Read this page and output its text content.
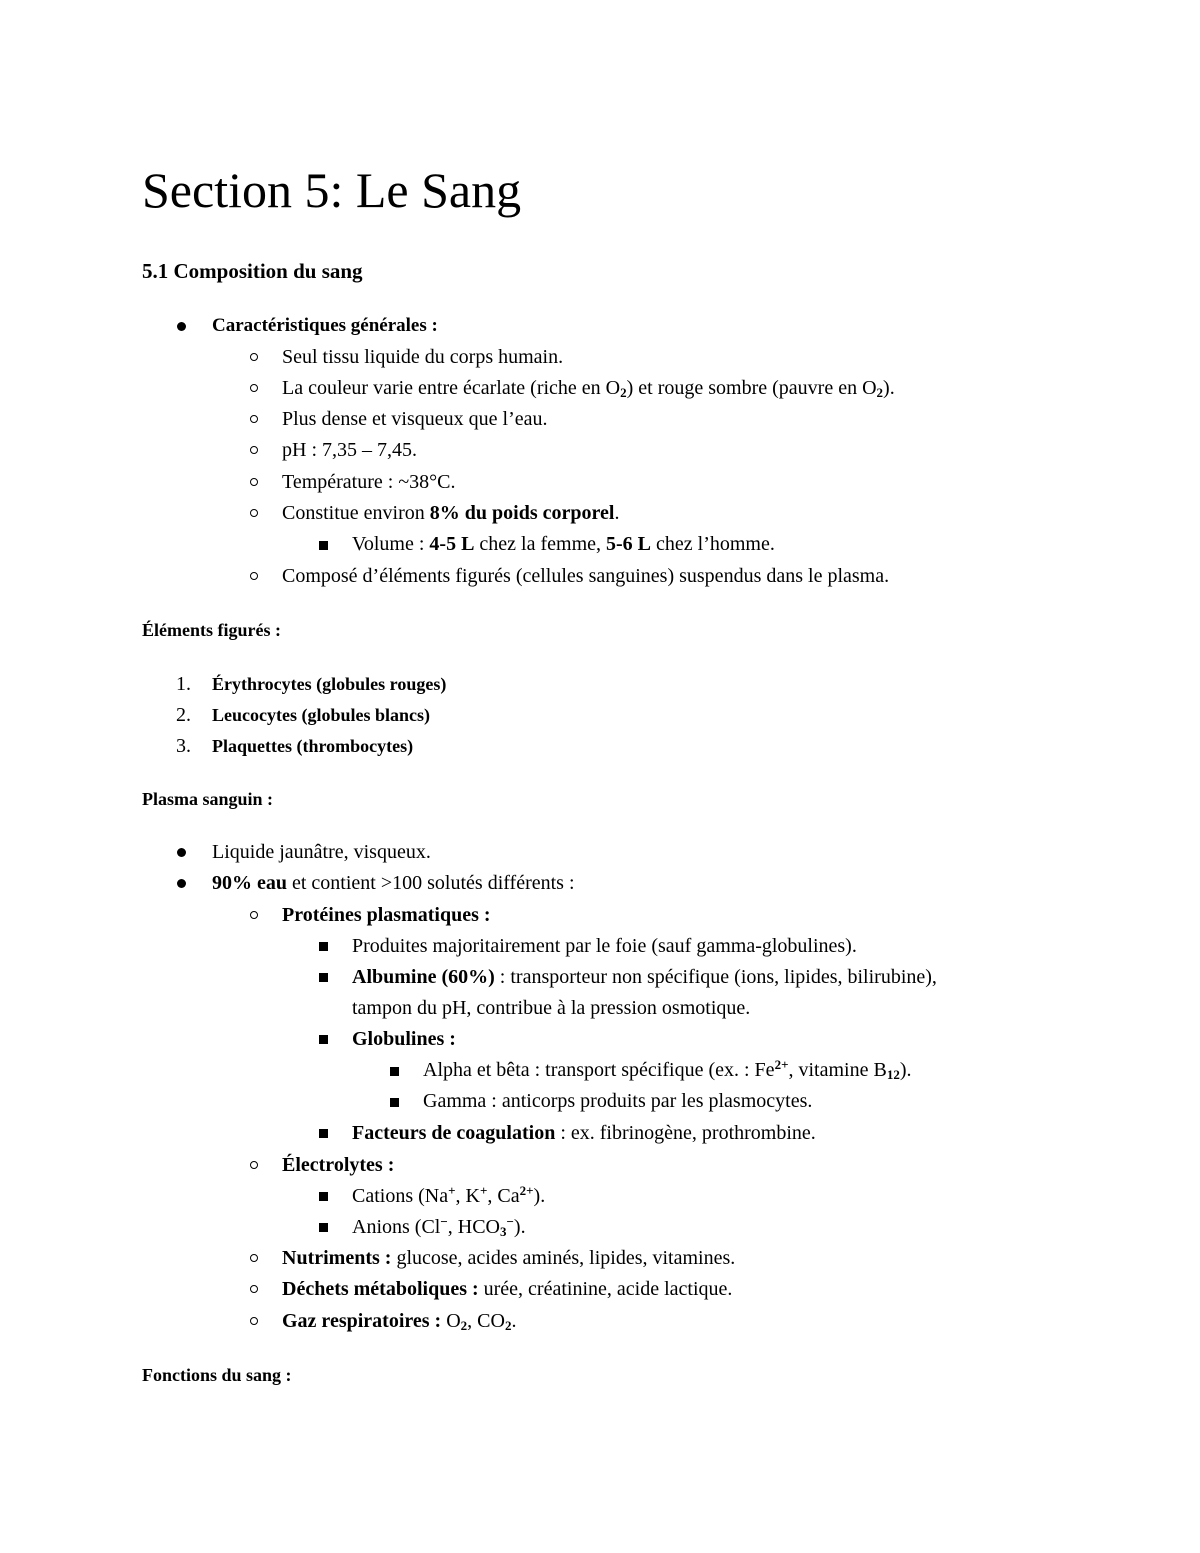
Section 5: Le Sang
5.1 Composition du sang
Caractéristiques générales :
Seul tissu liquide du corps humain.
La couleur varie entre écarlate (riche en $O_2$) et rouge sombre (pauvre en $O_2$).
Plus dense et visqueux que l’eau.
pH : 7,35 – 7,45.
Température : ~38°C.
Constitue environ 8% du poids corporel.
Volume : 4-5 L chez la femme, 5-6 L chez l’homme.
Composé d’éléments figurés (cellules sanguines) suspendus dans le plasma.
Éléments figurés :
1. Érythrocytes (globules rouges)
2. Leucocytes (globules blancs)
3. Plaquettes (thrombocytes)
Plasma sanguin :
Liquide jaunâtre, visqueux.
90% eau et contient >100 solutés différents :
Protéines plasmatiques :
Produites majoritairement par le foie (sauf gamma-globulines).
Albumine (60%) : transporteur non spécifique (ions, lipides, bilirubine),
tampon du pH, contribue à la pression osmotique.
Globulines :
Alpha et bêta : transport spécifique (ex. : $Fe^{2+}$, vitamine $B_{12}$).
Gamma : anticorps produits par les plasmocytes.
Facteurs de coagulation : ex. fibrinogène, prothrombine.
Électrolytes :
Cations (Na+, K+, $Ca^{2+}$).
Anions (Cl−, $HCO_3^-$).
Nutriments : glucose, acides aminés, lipides, vitamines.
Déchets métaboliques : urée, créatinine, acide lactique.
Gaz respiratoires : $O_2$, $CO_2$.
Fonctions du sang :
